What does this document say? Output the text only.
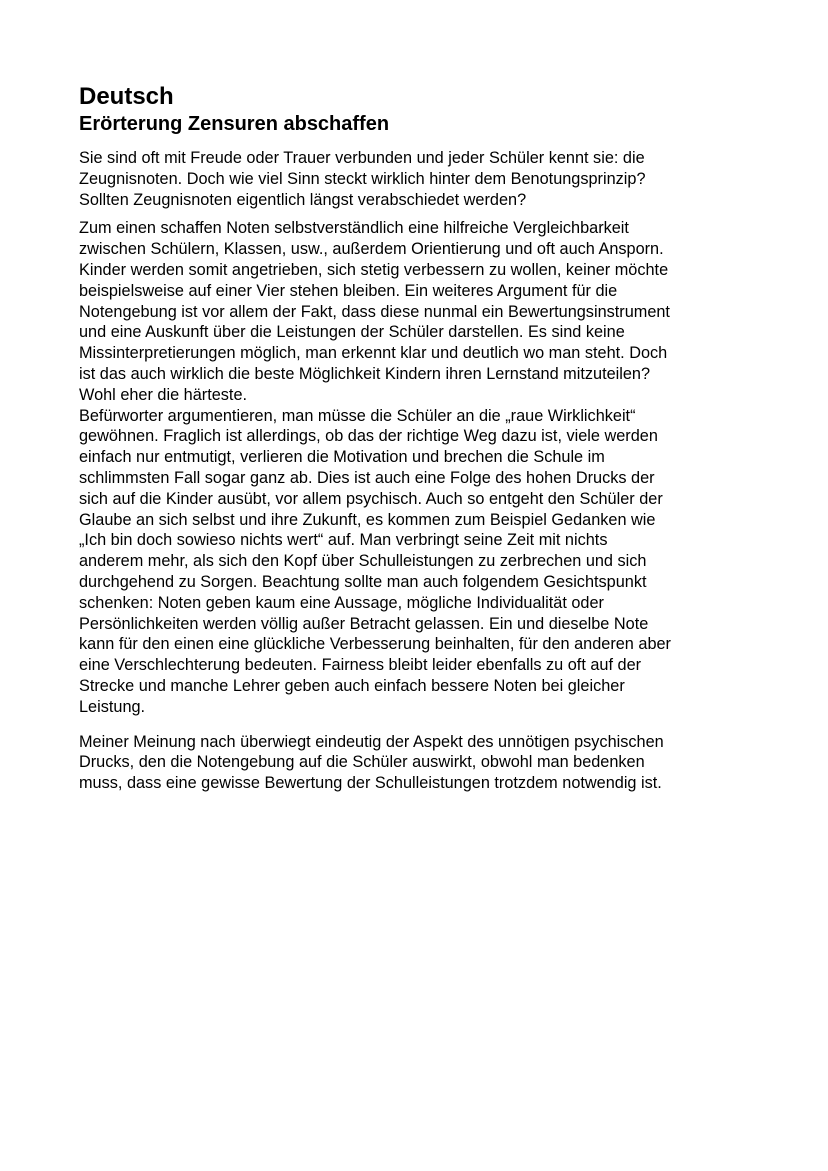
Deutsch
Erörterung Zensuren abschaffen

Sie sind oft mit Freude oder Trauer verbunden und jeder Schüler kennt sie: die
Zeugnisnoten. Doch wie viel Sinn steckt wirklich hinter dem Benotungsprinzip?
Sollten Zeugnisnoten eigentlich längst verabschiedet werden?

Zum einen schaffen Noten selbstverständlich eine hilfreiche Vergleichbarkeit
zwischen Schülern, Klassen, usw., außerdem Orientierung und oft auch Ansporn.
Kinder werden somit angetrieben, sich stetig verbessern zu wollen, keiner möchte
beispielsweise auf einer Vier stehen bleiben. Ein weiteres Argument für die
Notengebung ist vor allem der Fakt, dass diese nunmal ein Bewertungsinstrument
und eine Auskunft über die Leistungen der Schüler darstellen. Es sind keine
Missinterpretierungen möglich, man erkennt klar und deutlich wo man steht. Doch
ist das auch wirklich die beste Möglichkeit Kindern ihren Lernstand mitzuteilen?
Wohl eher die härteste.
Befürworter argumentieren, man müsse die Schüler an die „raue Wirklichkeit“
gewöhnen. Fraglich ist allerdings, ob das der richtige Weg dazu ist, viele werden
einfach nur entmutigt, verlieren die Motivation und brechen die Schule im
schlimmsten Fall sogar ganz ab. Dies ist auch eine Folge des hohen Drucks der
sich auf die Kinder ausübt, vor allem psychisch. Auch so entgeht den Schüler der
Glaube an sich selbst und ihre Zukunft, es kommen zum Beispiel Gedanken wie
„Ich bin doch sowieso nichts wert“ auf. Man verbringt seine Zeit mit nichts
anderem mehr, als sich den Kopf über Schulleistungen zu zerbrechen und sich
durchgehend zu Sorgen. Beachtung sollte man auch folgendem Gesichtspunkt
schenken: Noten geben kaum eine Aussage, mögliche Individualität oder
Persönlichkeiten werden völlig außer Betracht gelassen. Ein und dieselbe Note
kann für den einen eine glückliche Verbesserung beinhalten, für den anderen aber
eine Verschlechterung bedeuten. Fairness bleibt leider ebenfalls zu oft auf der
Strecke und manche Lehrer geben auch einfach bessere Noten bei gleicher
Leistung.

Meiner Meinung nach überwiegt eindeutig der Aspekt des unnötigen psychischen
Drucks, den die Notengebung auf die Schüler auswirkt, obwohl man bedenken
muss, dass eine gewisse Bewertung der Schulleistungen trotzdem notwendig ist.
